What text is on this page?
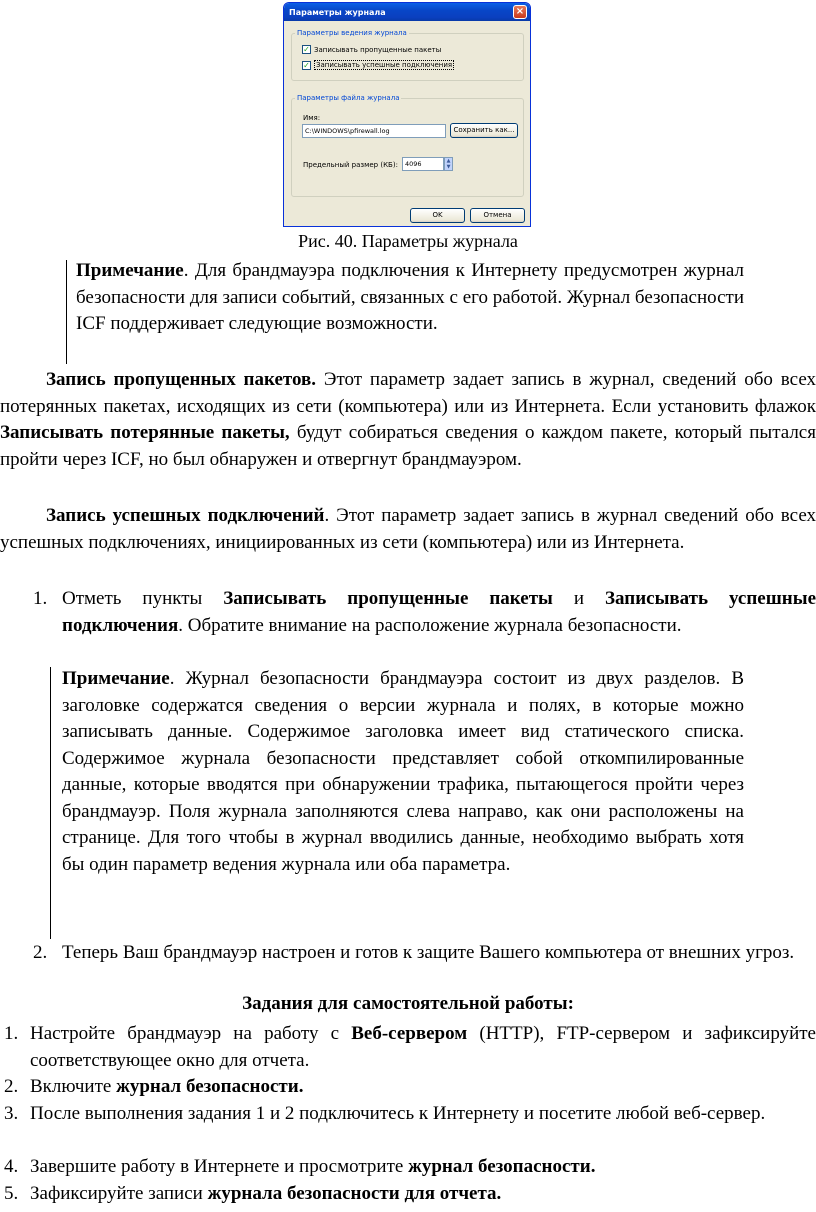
Параметры журнала	×
Параметры ведения журнала
✓ Записывать пропущенные пакеты
✓ Записывать успешные подключения
Параметры файла журнала
Имя:
C:\WINDOWS\pfirewall.log	Сохранить как...
Предельный размер (КБ):	4096	▲
▼
OK	Отмена
Рис. 40. Параметры журнала
Примечание. Для брандмауэра подключения к Интернету предусмотрен журнал безопасности для записи событий, связанных с его работой. Журнал безопасности ICF поддерживает следующие возможности.
Запись пропущенных пакетов. Этот параметр задает запись в журнал, сведений обо всех потерянных пакетах, исходящих из сети (компьютера) или из Интернета. Если установить флажок Записывать потерянные пакеты, будут собираться сведения о каждом пакете, который пытался пройти через ICF, но был обнаружен и отвергнут брандмауэром.
Запись успешных подключений. Этот параметр задает запись в журнал сведений обо всех успешных подключениях, инициированных из сети (компьютера) или из Интернета.
1. Отметь пункты Записывать пропущенные пакеты и Записывать успешные подключения. Обратите внимание на расположение журнала безопасности.
Примечание. Журнал безопасности брандмауэра состоит из двух разделов. В заголовке содержатся сведения о версии журнала и полях, в которые можно записывать данные. Содержимое заголовка имеет вид статического списка. Содержимое журнала безопасности представляет собой откомпилированные данные, которые вводятся при обнаружении трафика, пытающегося пройти через брандмауэр. Поля журнала заполняются слева направо, как они расположены на странице. Для того чтобы в журнал вводились данные, необходимо выбрать хотя бы один параметр ведения журнала или оба параметра.
2. Теперь Ваш брандмауэр настроен и готов к защите Вашего компьютера от внешних угроз.
Задания для самостоятельной работы:
1. Настройте брандмауэр на работу с Веб-сервером (HTTP), FTP-сервером и зафиксируйте соответствующее окно для отчета.
2. Включите журнал безопасности.
3. После выполнения задания 1 и 2 подключитесь к Интернету и посетите любой веб-сервер.
4. Завершите работу в Интернете и просмотрите журнал безопасности.
5. Зафиксируйте записи журнала безопасности для отчета.
